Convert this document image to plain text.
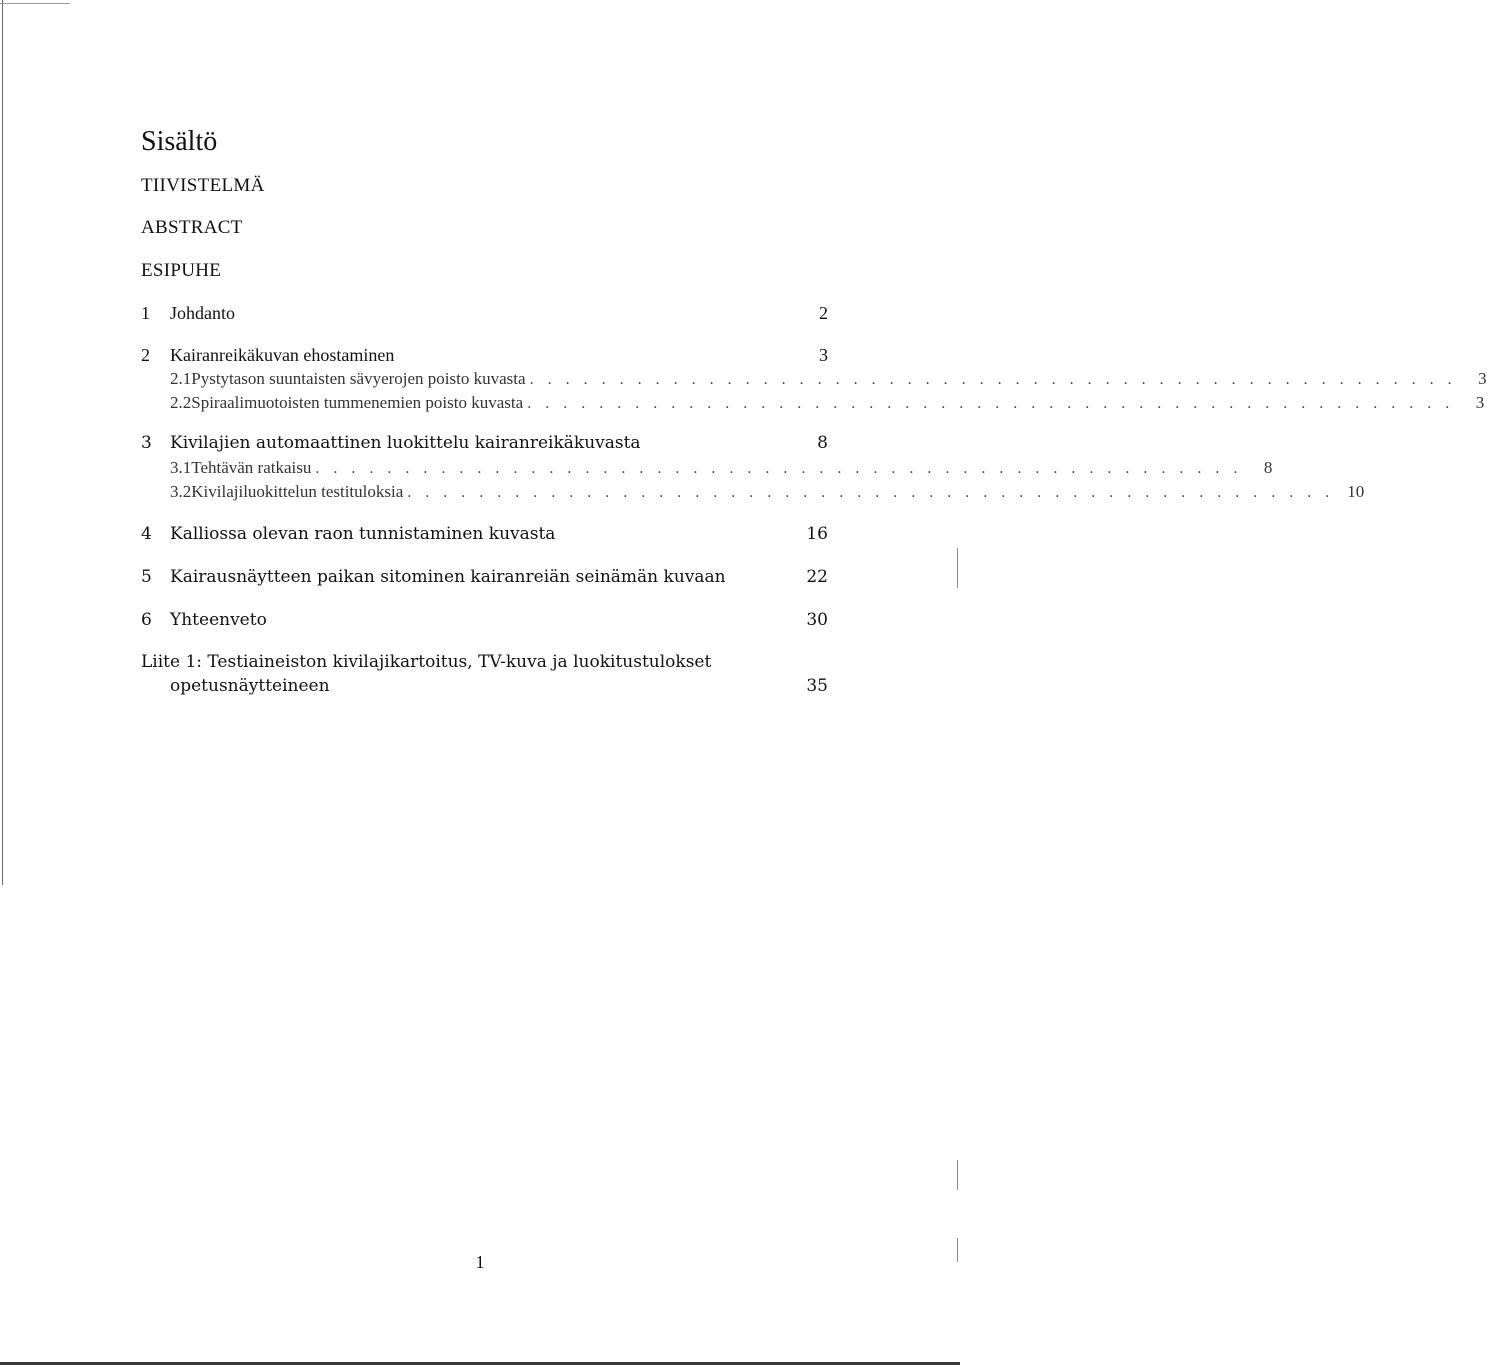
Sisältö
TIIVISTELMÄ
ABSTRACT
ESIPUHE
1	Johdanto	2
2	Kairanreikäkuvan ehostaminen	3
2.1 Pystytason suuntaisten sävyerojen poisto kuvasta . . . . . . . . . . . . . . . . . . . . . . . . . . . . . . . . . . . . . . . . . . . . . . . . . . . .	3
2.2 Spiraalimuotoisten tummenemien poisto kuvasta . . . . . . . . . . . . . . . . . . . . . . . . . . . . . . . . . . . . . . . . . . . . . . . . . . . .	3
3	Kivilajien automaattinen luokittelu kairanreikäkuvasta	8
3.1 Tehtävän ratkaisu . . . . . . . . . . . . . . . . . . . . . . . . . . . . . . . . . . . . . . . . . . . . . . . . . . . .	8
3.2 Kivilajiluokittelun testituloksia . . . . . . . . . . . . . . . . . . . . . . . . . . . . . . . . . . . . . . . . . . . . . . . . . . . . 10
4	Kalliossa olevan raon tunnistaminen kuvasta	16
5	Kairausnäytteen paikan sitominen kairanreiän seinämän kuvaan	22
6	Yhteenveto	30
Liite 1: Testiaineiston kivilajikartoitus, TV-kuva ja luokitustulokset
opetusnäytteineen	35
1
